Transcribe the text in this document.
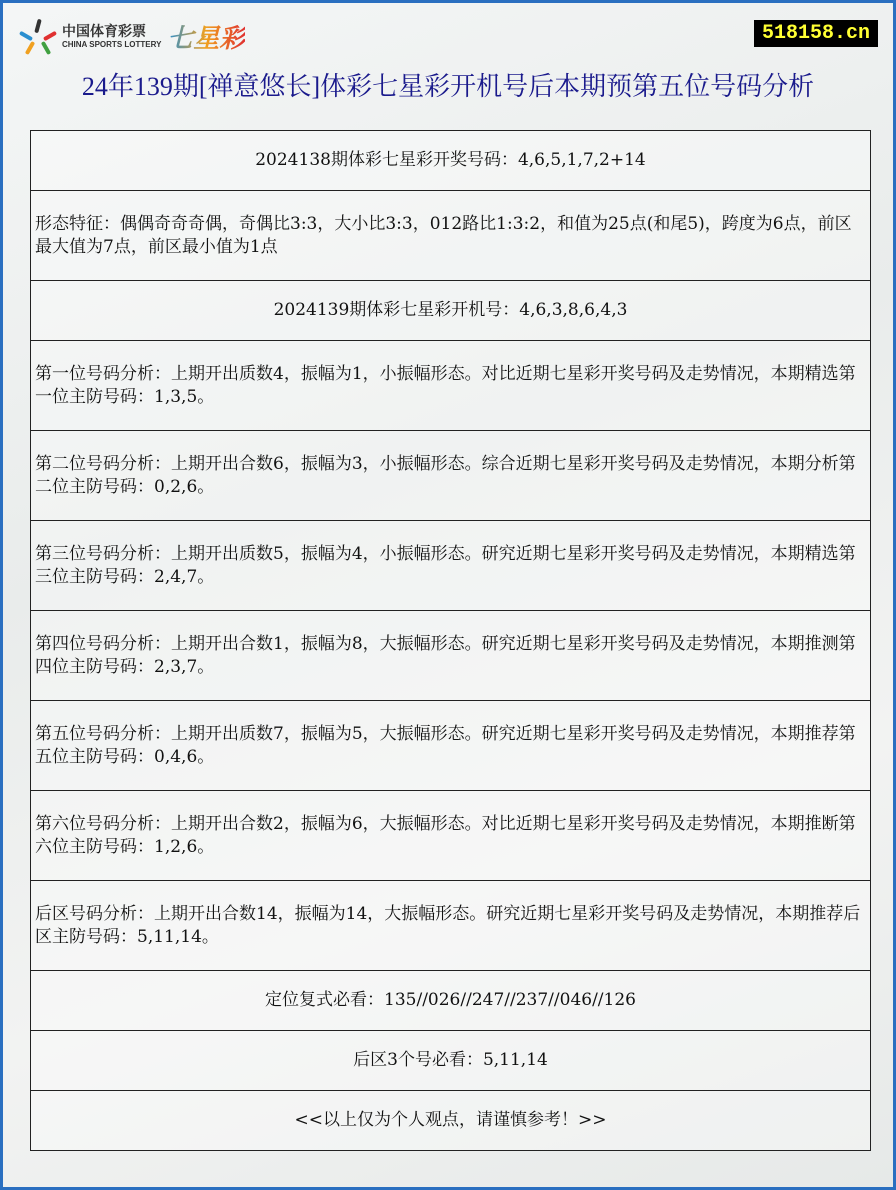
中国体育彩票
CHINA SPORTS LOTTERY 七星彩	518158.cn
24年139期[禅意悠长]体彩七星彩开机号后本期预第五位号码分析
2024138期体彩七星彩开奖号码：4,6,5,1,7,2+14
形态特征：偶偶奇奇奇偶，奇偶比3:3，大小比3:3，012路比1:3:2，和值为25点(和尾5)，跨度为6点，前区最大值为7点，前区最小值为1点
2024139期体彩七星彩开机号：4,6,3,8,6,4,3
第一位号码分析：上期开出质数4，振幅为1，小振幅形态。对比近期七星彩开奖号码及走势情况，本期精选第一位主防号码：1,3,5。
第二位号码分析：上期开出合数6，振幅为3，小振幅形态。综合近期七星彩开奖号码及走势情况，本期分析第二位主防号码：0,2,6。
第三位号码分析：上期开出质数5，振幅为4，小振幅形态。研究近期七星彩开奖号码及走势情况，本期精选第三位主防号码：2,4,7。
第四位号码分析：上期开出合数1，振幅为8，大振幅形态。研究近期七星彩开奖号码及走势情况，本期推测第四位主防号码：2,3,7。
第五位号码分析：上期开出质数7，振幅为5，大振幅形态。研究近期七星彩开奖号码及走势情况，本期推荐第五位主防号码：0,4,6。
第六位号码分析：上期开出合数2，振幅为6，大振幅形态。对比近期七星彩开奖号码及走势情况，本期推断第六位主防号码：1,2,6。
后区号码分析：上期开出合数14，振幅为14，大振幅形态。研究近期七星彩开奖号码及走势情况，本期推荐后区主防号码：5,11,14。
定位复式必看：135//026//247//237//046//126
后区3个号必看：5,11,14
<<以上仅为个人观点，请谨慎参考！>>
